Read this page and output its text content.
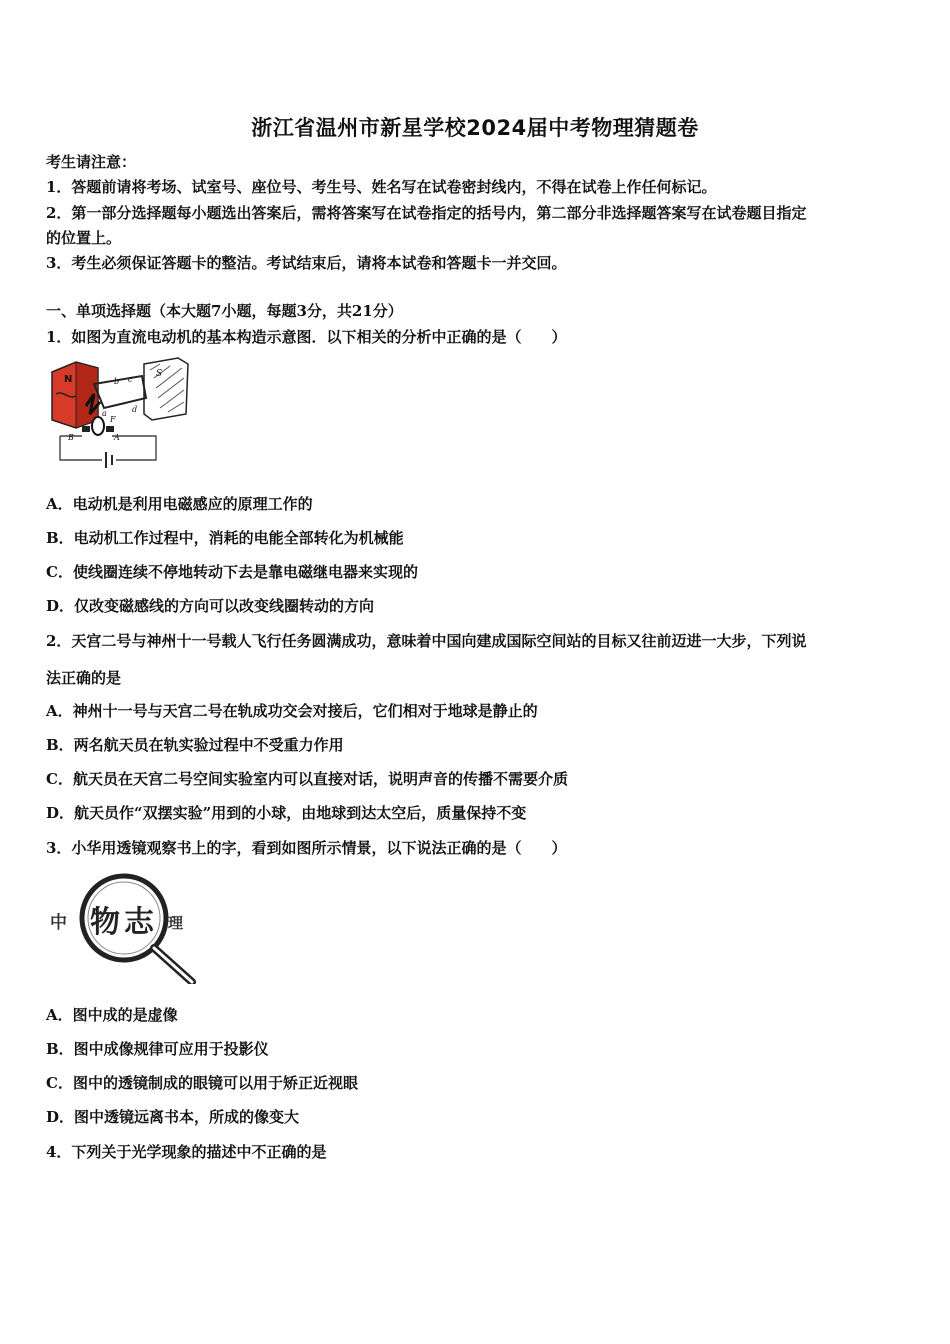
浙江省温州市新星学校2024届中考物理猜题卷
考生请注意：
1．答题前请将考场、试室号、座位号、考生号、姓名写在试卷密封线内，不得在试卷上作任何标记。
2．第一部分选择题每小题选出答案后，需将答案写在试卷指定的括号内，第二部分非选择题答案写在试卷题目指定
的位置上。
3．考生必须保证答题卡的整洁。考试结束后，请将本试卷和答题卡一并交回。
一、单项选择题（本大题7小题，每题3分，共21分）
1．如图为直流电动机的基本构造示意图．以下相关的分析中正确的是（　　）
N	S
b c
a	d
F
B	A
A．电动机是利用电磁感应的原理工作的
B．电动机工作过程中，消耗的电能全部转化为机械能
C．使线圈连续不停地转动下去是靠电磁继电器来实现的
D．仅改变磁感线的方向可以改变线圈转动的方向
2．天宫二号与神州十一号载人飞行任务圆满成功，意味着中国向建成国际空间站的目标又往前迈进一大步，下列说
法正确的是
A．神州十一号与天宫二号在轨成功交会对接后，它们相对于地球是静止的
B．两名航天员在轨实验过程中不受重力作用
C．航天员在天宫二号空间实验室内可以直接对话，说明声音的传播不需要介质
D．航天员作“双摆实验”用到的小球，由地球到达太空后，质量保持不变
3．小华用透镜观察书上的字，看到如图所示情景，以下说法正确的是（　　）
中 物 志 理
A．图中成的是虚像
B．图中成像规律可应用于投影仪
C．图中的透镜制成的眼镜可以用于矫正近视眼
D．图中透镜远离书本，所成的像变大
4．下列关于光学现象的描述中不正确的是
